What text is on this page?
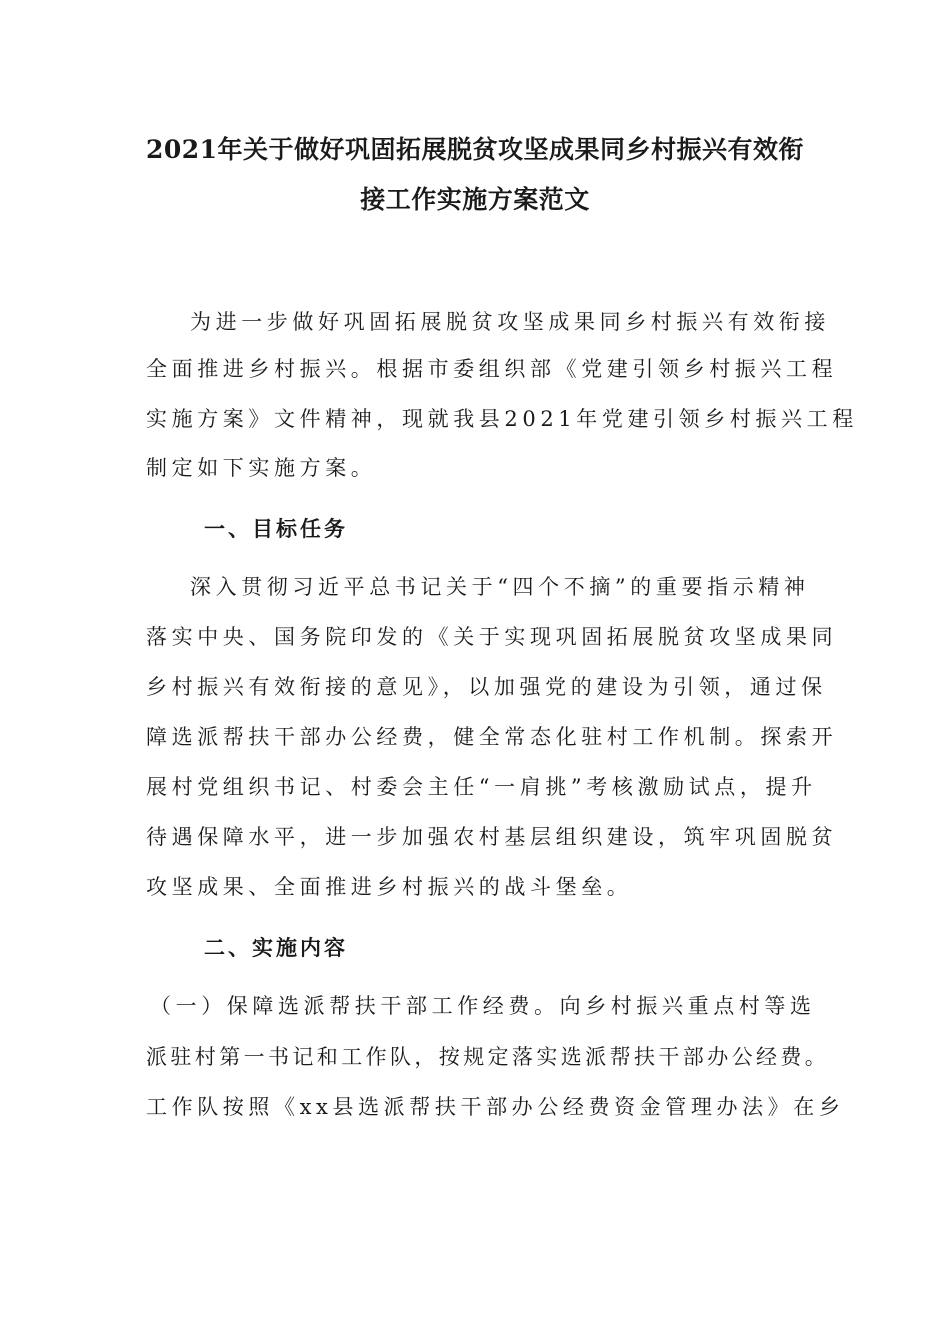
2021年关于做好巩固拓展脱贫攻坚成果同乡村振兴有效衔
接工作实施方案范文

为进一步做好巩固拓展脱贫攻坚成果同乡村振兴有效衔接

全面推进乡村振兴。根据市委组织部《党建引领乡村振兴工程

实施方案》文件精神，现就我县2021年党建引领乡村振兴工程

制定如下实施方案。

一、目标任务

深入贯彻习近平总书记关于“四个不摘”的重要指示精神

落实中央、国务院印发的《关于实现巩固拓展脱贫攻坚成果同

乡村振兴有效衔接的意见》，以加强党的建设为引领，通过保

障选派帮扶干部办公经费，健全常态化驻村工作机制。探索开

展村党组织书记、村委会主任“一肩挑”考核激励试点，提升

待遇保障水平，进一步加强农村基层组织建设，筑牢巩固脱贫

攻坚成果、全面推进乡村振兴的战斗堡垒。

二、实施内容

（一）保障选派帮扶干部工作经费。向乡村振兴重点村等选

派驻村第一书记和工作队，按规定落实选派帮扶干部办公经费。

工作队按照《xx县选派帮扶干部办公经费资金管理办法》在乡
